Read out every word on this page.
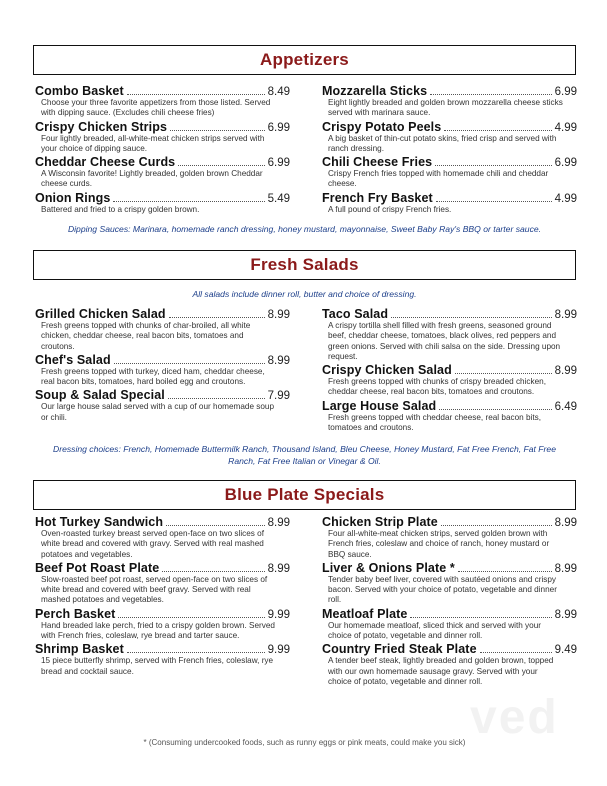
Appetizers
Combo Basket	8.49
Choose your three favorite appetizers from those listed. Served with dipping sauce. (Excludes chili cheese fries)
Crispy Chicken Strips	6.99
Four lightly breaded, all-white-meat chicken strips served with your choice of dipping sauce.
Cheddar Cheese Curds	6.99
A Wisconsin favorite! Lightly breaded, golden brown Cheddar cheese curds.
Onion Rings	5.49
Battered and fried to a crispy golden brown.
Mozzarella Sticks	6.99
Eight lightly breaded and golden brown mozzarella cheese sticks served with marinara sauce.
Crispy Potato Peels	4.99
A big basket of thin-cut potato skins, fried crisp and served with ranch dressing.
Chili Cheese Fries	6.99
Crispy French fries topped with homemade chili and cheddar cheese.
French Fry Basket	4.99
A full pound of crispy French fries.
Dipping Sauces: Marinara, homemade ranch dressing, honey mustard, mayonnaise, Sweet Baby Ray's BBQ or tarter sauce.
Fresh Salads
All salads include dinner roll, butter and choice of dressing.
Grilled Chicken Salad	8.99
Fresh greens topped with chunks of char-broiled, all white chicken, cheddar cheese, real bacon bits, tomatoes and croutons.
Chef's Salad	8.99
Fresh greens topped with turkey, diced ham, cheddar cheese, real bacon bits, tomatoes, hard boiled egg and croutons.
Soup & Salad Special	7.99
Our large house salad served with a cup of our homemade soup or chili.
Taco Salad	8.99
A crispy tortilla shell filled with fresh greens, seasoned ground beef, cheddar cheese, tomatoes, black olives, red peppers and green onions. Served with chili salsa on the side. Dressing upon request.
Crispy Chicken Salad	8.99
Fresh greens topped with chunks of crispy breaded chicken, cheddar cheese, real bacon bits, tomatoes and croutons.
Large House Salad	6.49
Fresh greens topped with cheddar cheese, real bacon bits, tomatoes and croutons.
Dressing choices: French, Homemade Buttermilk Ranch, Thousand Island, Bleu Cheese, Honey Mustard, Fat Free French, Fat Free Ranch, Fat Free Italian or Vinegar & Oil.
Blue Plate Specials
Hot Turkey Sandwich	8.99
Oven-roasted turkey breast served open-face on two slices of white bread and covered with gravy. Served with real mashed potatoes and vegetables.
Beef Pot Roast Plate	8.99
Slow-roasted beef pot roast, served open-face on two slices of white bread and covered with beef gravy. Served with real mashed potatoes and vegetables.
Perch Basket	9.99
Hand breaded lake perch, fried to a crispy golden brown. Served with French fries, coleslaw, rye bread and tarter sauce.
Shrimp Basket	9.99
15 piece butterfly shrimp, served with French fries, coleslaw, rye bread and cocktail sauce.
Chicken Strip Plate	8.99
Four all-white-meat chicken strips, served golden brown with French fries, coleslaw and choice of ranch, honey mustard or BBQ sauce.
Liver & Onions Plate *	8.99
Tender baby beef liver, covered with sautéed onions and crispy bacon. Served with your choice of potato, vegetable and dinner roll.
Meatloaf Plate	8.99
Our homemade meatloaf, sliced thick and served with your choice of potato, vegetable and dinner roll.
Country Fried Steak Plate	9.49
A tender beef steak, lightly breaded and golden brown, topped with our own homemade sausage gravy. Served with your choice of potato, vegetable and dinner roll.
ved
* (Consuming undercooked foods, such as runny eggs or pink meats, could make you sick)
